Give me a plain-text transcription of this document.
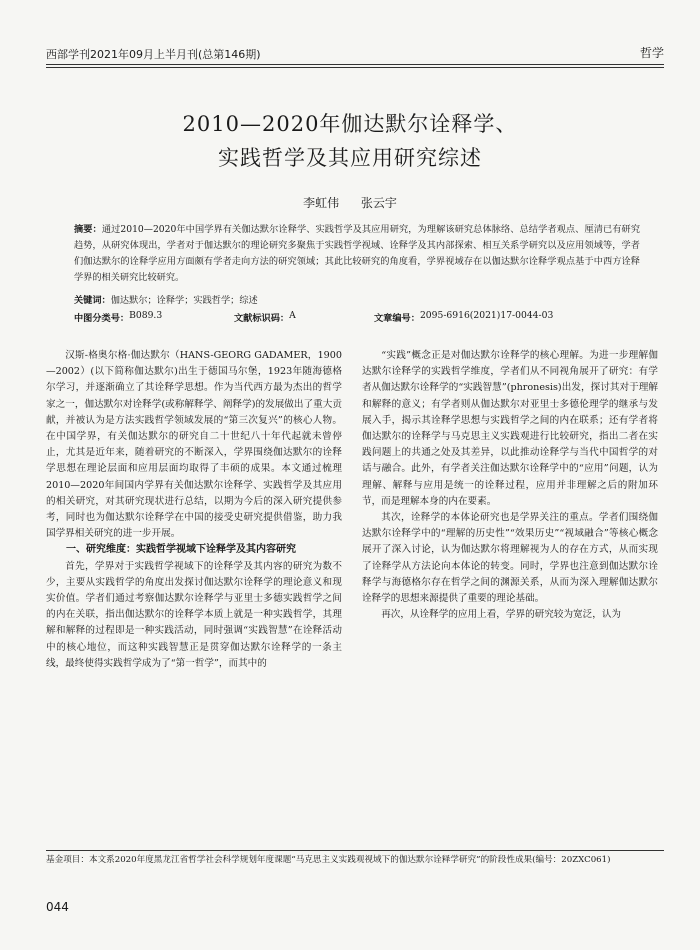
西部学刊2021年09月上半月刊(总第146期)	哲学
2010—2020年伽达默尔诠释学、
实践哲学及其应用研究综述
李虹伟 张云宇
摘要：通过2010—2020年中国学界有关伽达默尔诠释学、实践哲学及其应用研究，为理解该研究总体脉络、总结学者观点、厘清已有研究趋势，从研究体现出，学者对于伽达默尔的理论研究多聚焦于实践哲学视域、诠释学及其内部探索、相互关系学研究以及应用领域等，学者们伽达默尔的诠释学应用方面颇有学者走向方法的研究领域；其此比较研究的角度看，学界视域存在以伽达默尔诠释学观点基于中西方诠释学界的相关研究比较研究。
关键词：伽达默尔；诠释学；实践哲学；综述
中图分类号： B089.3	文献标识码： A	文章编号： 2095-6916(2021)17-0044-03

汉斯-格奥尔格·伽达默尔（HANS-GEORG GADAMER，1900—2002）(以下简称伽达默尔)出生于德国马尔堡，1923年随海德格尔学习，并逐渐确立了其诠释学思想。作为当代西方最为杰出的哲学家之一，伽达默尔对诠释学(或称解释学、阐释学)的发展做出了重大贡献，并被认为是方法实践哲学领域发展的“第三次复兴”的核心人物。在中国学界，有关伽达默尔的研究自二十世纪八十年代起就未曾停止，尤其是近年来，随着研究的不断深入，学界围绕伽达默尔的诠释学思想在理论层面和应用层面均取得了丰硕的成果。本文通过梳理2010—2020年间国内学界有关伽达默尔诠释学、实践哲学及其应用的相关研究，对其研究现状进行总结，以期为今后的深入研究提供参考，同时也为伽达默尔诠释学在中国的接受史研究提供借鉴，助力我国学界相关研究的进一步开展。

一、研究维度：实践哲学视域下诠释学及其内容研究

首先，学界对于实践哲学视域下的诠释学及其内容的研究为数不少，主要从实践哲学的角度出发探讨伽达默尔诠释学的理论意义和现实价值。学者们通过考察伽达默尔诠释学与亚里士多德实践哲学之间的内在关联，指出伽达默尔的诠释学本质上就是一种实践哲学，其理解和解释的过程即是一种实践活动，同时强调“实践智慧”在诠释活动中的核心地位，而这种实践智慧正是贯穿伽达默尔诠释学的一条主线，最终使得实践哲学成为了“第一哲学”，而其中的

“实践”概念正是对伽达默尔诠释学的核心理解。为进一步理解伽达默尔诠释学的实践哲学维度，学者们从不同视角展开了研究：有学者从伽达默尔诠释学的“实践智慧”(phronesis)出发，探讨其对于理解和解释的意义；有学者则从伽达默尔对亚里士多德伦理学的继承与发展入手，揭示其诠释学思想与实践哲学之间的内在联系；还有学者将伽达默尔的诠释学与马克思主义实践观进行比较研究，指出二者在实践问题上的共通之处及其差异，以此推动诠释学与当代中国哲学的对话与融合。此外，有学者关注伽达默尔诠释学中的“应用”问题，认为理解、解释与应用是统一的诠释过程，应用并非理解之后的附加环节，而是理解本身的内在要素。

其次，诠释学的本体论研究也是学界关注的重点。学者们围绕伽达默尔诠释学中的“理解的历史性”“效果历史”“视域融合”等核心概念展开了深入讨论，认为伽达默尔将理解视为人的存在方式，从而实现了诠释学从方法论向本体论的转变。同时，学界也注意到伽达默尔诠释学与海德格尔存在哲学之间的渊源关系，从而为深入理解伽达默尔诠释学的思想来源提供了重要的理论基础。

再次，从诠释学的应用上看，学界的研究较为宽泛，认为

基金项目：本文系2020年度黑龙江省哲学社会科学规划年度课题“马克思主义实践观视域下的伽达默尔诠释学研究”的阶段性成果(编号：20ZXC061)
044
